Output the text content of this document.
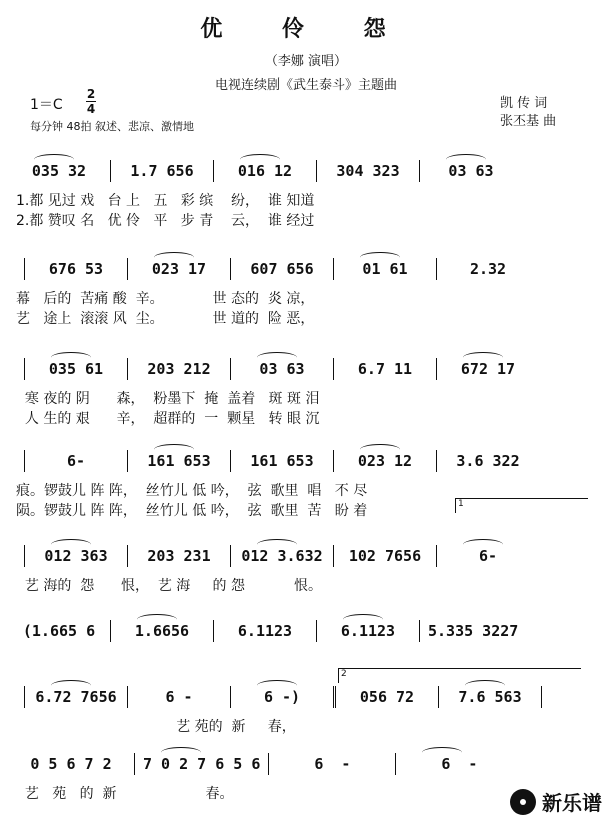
优 伶 怨
（李娜 演唱）
电视连续剧《武生泰斗》主题曲
1＝C
2
4
每分钟 48拍 叙述、悲凉、激情地
凯 传 词
张丕基 曲
035 32	1.7 656	016 12	304 323	03 63
1.都 见过 戏   台 上   五   彩 缤    纷，  谁 知道
2.都 赞叹 名   优 伶   平   步 青    云，  谁 经过
676 53	023 17	607 656	01 61	2.32
幕   后的  苦痛 酸  辛。           世 态的  炎 凉，
艺   途上  滚滚 风  尘。           世 道的  险 恶，
035 61	203 212	03 63	6.7 11	672 17
寒 夜的 阴      森，  粉墨下  掩  盖着   斑 斑 泪
人 生的 艰      辛，  超群的  一  颗星   转 眼 沉
6-	161 653	161 653	023 12	3.6 322
痕。锣鼓儿 阵 阵，  丝竹儿 低 吟，  弦  歌里  唱   不 尽
陨。锣鼓儿 阵 阵，  丝竹儿 低 吟，  弦  歌里  苦   盼 着
012 363	203 231	012 3.632	102 7656	6-
艺 海的  怨      恨，  艺 海     的 怨           恨。
(1.665 6	1.6656	6.1123	6.1123	5.335 3227
6.72 7656	6 -	6 -)	056 72	7.6 563
艺 苑的  新     春，
0 5 6 7 2	7 0 2 7 6 5 6	6  -	6  -
艺   苑   的  新                    春。
1
2
新乐谱
